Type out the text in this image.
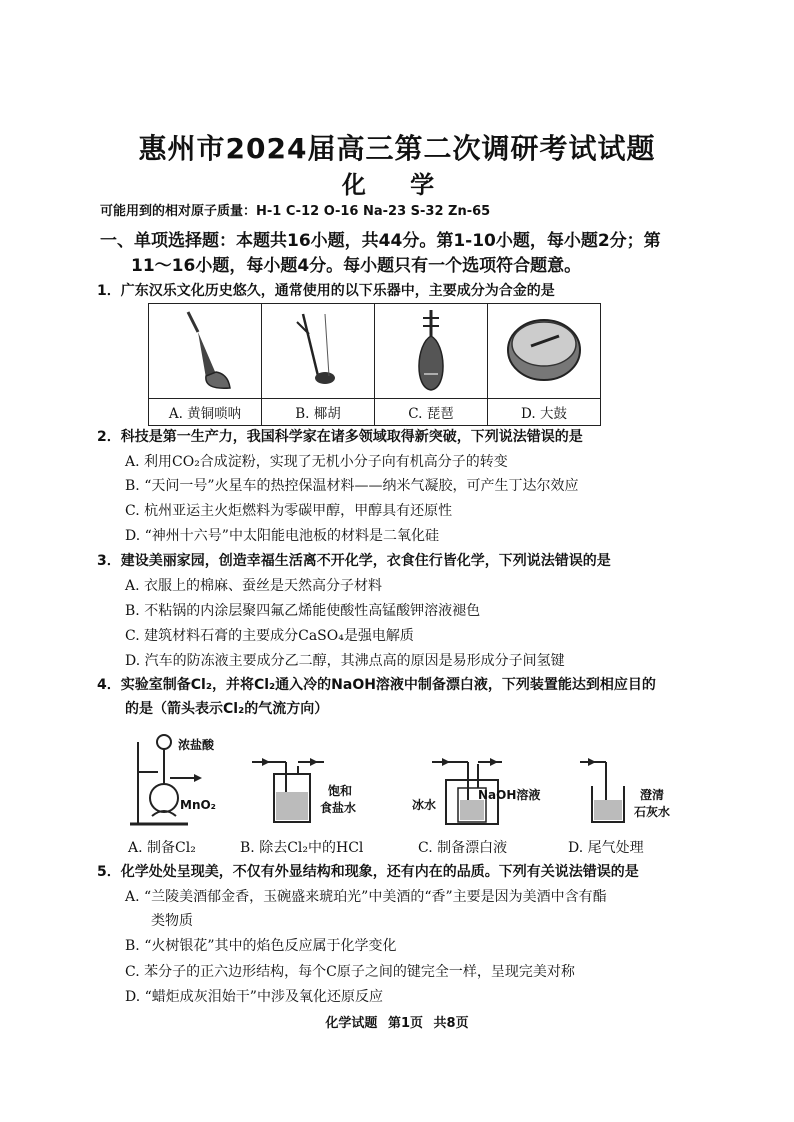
惠州市2024届高三第二次调研考试试题
化 学
可能用到的相对原子质量：H-1 C-12 O-16 Na-23 S-32 Zn-65
一、单项选择题：本题共16小题，共44分。第1-10小题，每小题2分；第
11～16小题，每小题4分。每小题只有一个选项符合题意。
1．广东汉乐文化历史悠久，通常使用的以下乐器中，主要成分为合金的是

A. 黄铜唢呐	B. 椰胡	C. 琵琶	D. 大鼓
2．科技是第一生产力，我国科学家在诸多领域取得新突破，下列说法错误的是
A. 利用CO₂合成淀粉，实现了无机小分子向有机高分子的转变
B. “天问一号”火星车的热控保温材料——纳米气凝胶，可产生丁达尔效应
C. 杭州亚运主火炬燃料为零碳甲醇，甲醇具有还原性
D. “神州十六号”中太阳能电池板的材料是二氧化硅
3．建设美丽家园，创造幸福生活离不开化学，衣食住行皆化学，下列说法错误的是
A. 衣服上的棉麻、蚕丝是天然高分子材料
B. 不粘锅的内涂层聚四氟乙烯能使酸性高锰酸钾溶液褪色
C. 建筑材料石膏的主要成分CaSO₄是强电解质
D. 汽车的防冻液主要成分乙二醇，其沸点高的原因是易形成分子间氢键
4．实验室制备Cl₂，并将Cl₂通入冷的NaOH溶液中制备漂白液，下列装置能达到相应目的
的是（箭头表示Cl₂的气流方向）
浓盐酸
MnO₂
饱和
食盐水
NaOH溶液
冰水
澄清
石灰水
A. 制备Cl₂	B. 除去Cl₂中的HCl	C. 制备漂白液	D. 尾气处理
5．化学处处呈现美，不仅有外显结构和现象，还有内在的品质。下列有关说法错误的是
A. “兰陵美酒郁金香，玉碗盛来琥珀光”中美酒的“香”主要是因为美酒中含有酯
类物质
B. “火树银花”其中的焰色反应属于化学变化
C. 苯分子的正六边形结构，每个C原子之间的键完全一样，呈现完美对称
D. “蜡炬成灰泪始干”中涉及氧化还原反应
化学试题 第1页 共8页
